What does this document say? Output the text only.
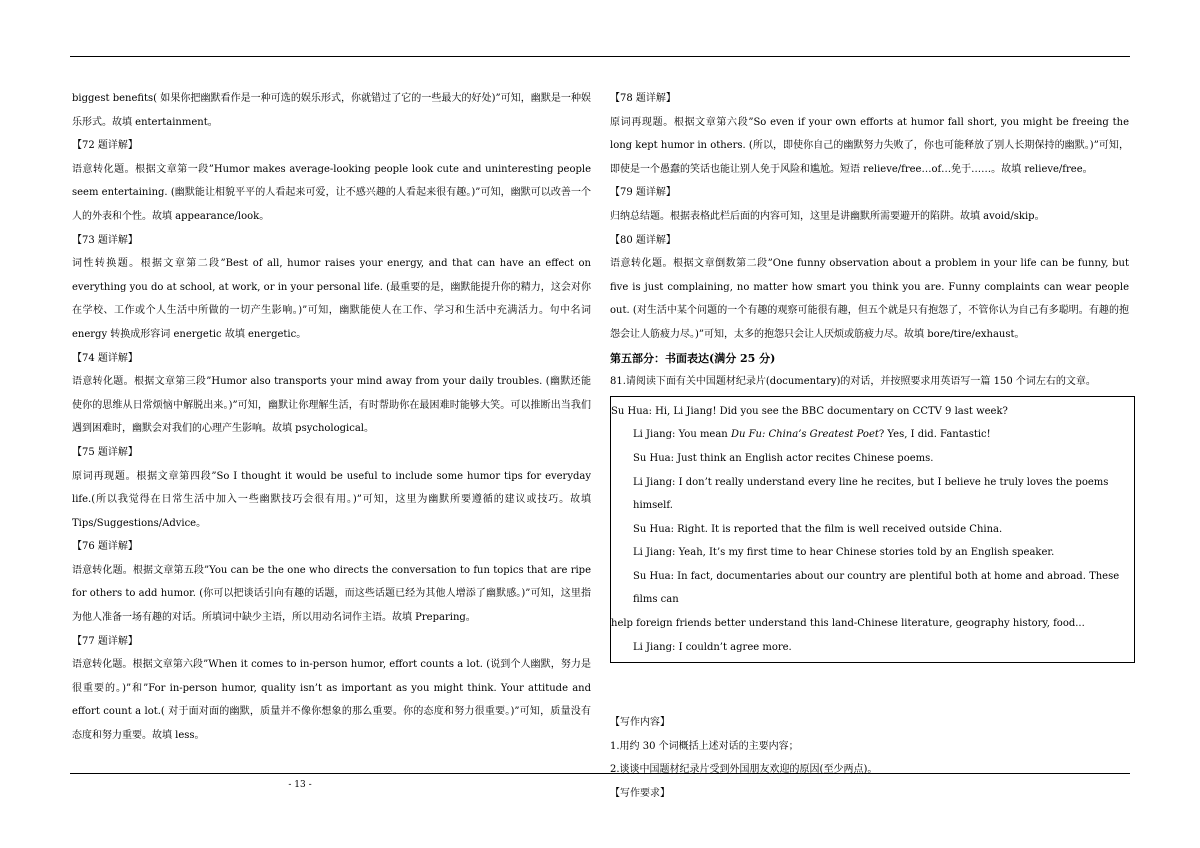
biggest benefits( 如果你把幽默看作是一种可选的娱乐形式，你就错过了它的一些最大的好处)”可知，幽默是一种娱乐形式。故填 entertainment。

【72 题详解】

语意转化题。根据文章第一段”Humor makes average-looking people look cute and uninteresting people seem entertaining. (幽默能让相貌平平的人看起来可爱，让不感兴趣的人看起来很有趣。)”可知，幽默可以改善一个人的外表和个性。故填 appearance/look。

【73 题详解】

词性转换题。根据文章第二段”Best of all, humor raises your energy, and that can have an effect on everything you do at school, at work, or in your personal life. (最重要的是，幽默能提升你的精力，这会对你在学校、工作或个人生活中所做的一切产生影响。)”可知，幽默能使人在工作、学习和生活中充满活力。句中名词 energy 转换成形容词 energetic 故填 energetic。

【74 题详解】

语意转化题。根据文章第三段”Humor also transports your mind away from your daily troubles. (幽默还能使你的思维从日常烦恼中解脱出来。)”可知，幽默让你理解生活，有时帮助你在最困难时能够大笑。可以推断出当我们遇到困难时，幽默会对我们的心理产生影响。故填 psychological。

【75 题详解】

原词再现题。根据文章第四段”So I thought it would be useful to include some humor tips for everyday life.(所以我觉得在日常生活中加入一些幽默技巧会很有用。)”可知，这里为幽默所要遵循的建议或技巧。故填 Tips/Suggestions/Advice。

【76 题详解】

语意转化题。根据文章第五段”You can be the one who directs the conversation to fun topics that are ripe for others to add humor. (你可以把谈话引向有趣的话题，而这些话题已经为其他人增添了幽默感。)”可知，这里指为他人准备一场有趣的对话。所填词中缺少主语，所以用动名词作主语。故填 Preparing。

【77 题详解】

语意转化题。根据文章第六段”When it comes to in-person humor, effort counts a lot. (说到个人幽默，努力是很重要的。)”和”For in-person humor, quality isn’t as important as you might think. Your attitude and effort count a lot.( 对于面对面的幽默，质量并不像你想象的那么重要。你的态度和努力很重要。)”可知，质量没有态度和努力重要。故填 less。

【78 题详解】

原词再现题。根据文章第六段”So even if your own efforts at humor fall short, you might be freeing the long kept humor in others. (所以，即使你自己的幽默努力失败了，你也可能释放了别人长期保持的幽默。)”可知，即使是一个愚蠢的笑话也能让别人免于风险和尴尬。短语 relieve/free…of…免于……。故填 relieve/free。

【79 题详解】

归纳总结题。根据表格此栏后面的内容可知，这里是讲幽默所需要避开的陷阱。故填 avoid/skip。

【80 题详解】

语意转化题。根据文章倒数第二段”One funny observation about a problem in your life can be funny, but five is just complaining, no matter how smart you think you are. Funny complaints can wear people out. (对生活中某个问题的一个有趣的观察可能很有趣，但五个就是只有抱怨了，不管你认为自己有多聪明。有趣的抱怨会让人筋疲力尽。)”可知，太多的抱怨只会让人厌烦或筋疲力尽。故填 bore/tire/exhaust。

第五部分：书面表达(满分 25 分)

81.请阅读下面有关中国题材纪录片(documentary)的对话，并按照要求用英语写一篇 150 个词左右的文章。

Su Hua: Hi, Li Jiang! Did you see the BBC documentary on CCTV 9 last week?

Li Jiang: You mean Du Fu: China’s Greatest Poet? Yes, I did. Fantastic!

Su Hua: Just think an English actor recites Chinese poems.

Li Jiang: I don’t really understand every line he recites, but I believe he truly loves the poems himself.

Su Hua: Right. It is reported that the film is well received outside China.

Li Jiang: Yeah, It’s my first time to hear Chinese stories told by an English speaker.

Su Hua: In fact, documentaries about our country are plentiful both at home and abroad. These films can

help foreign friends better understand this land-Chinese literature, geography history, food...

Li Jiang: I couldn’t agree more.

【写作内容】

1.用约 30 个词概括上述对话的主要内容；

2.谈谈中国题材纪录片受到外国朋友欢迎的原因(至少两点)。

【写作要求】

- 13 -
